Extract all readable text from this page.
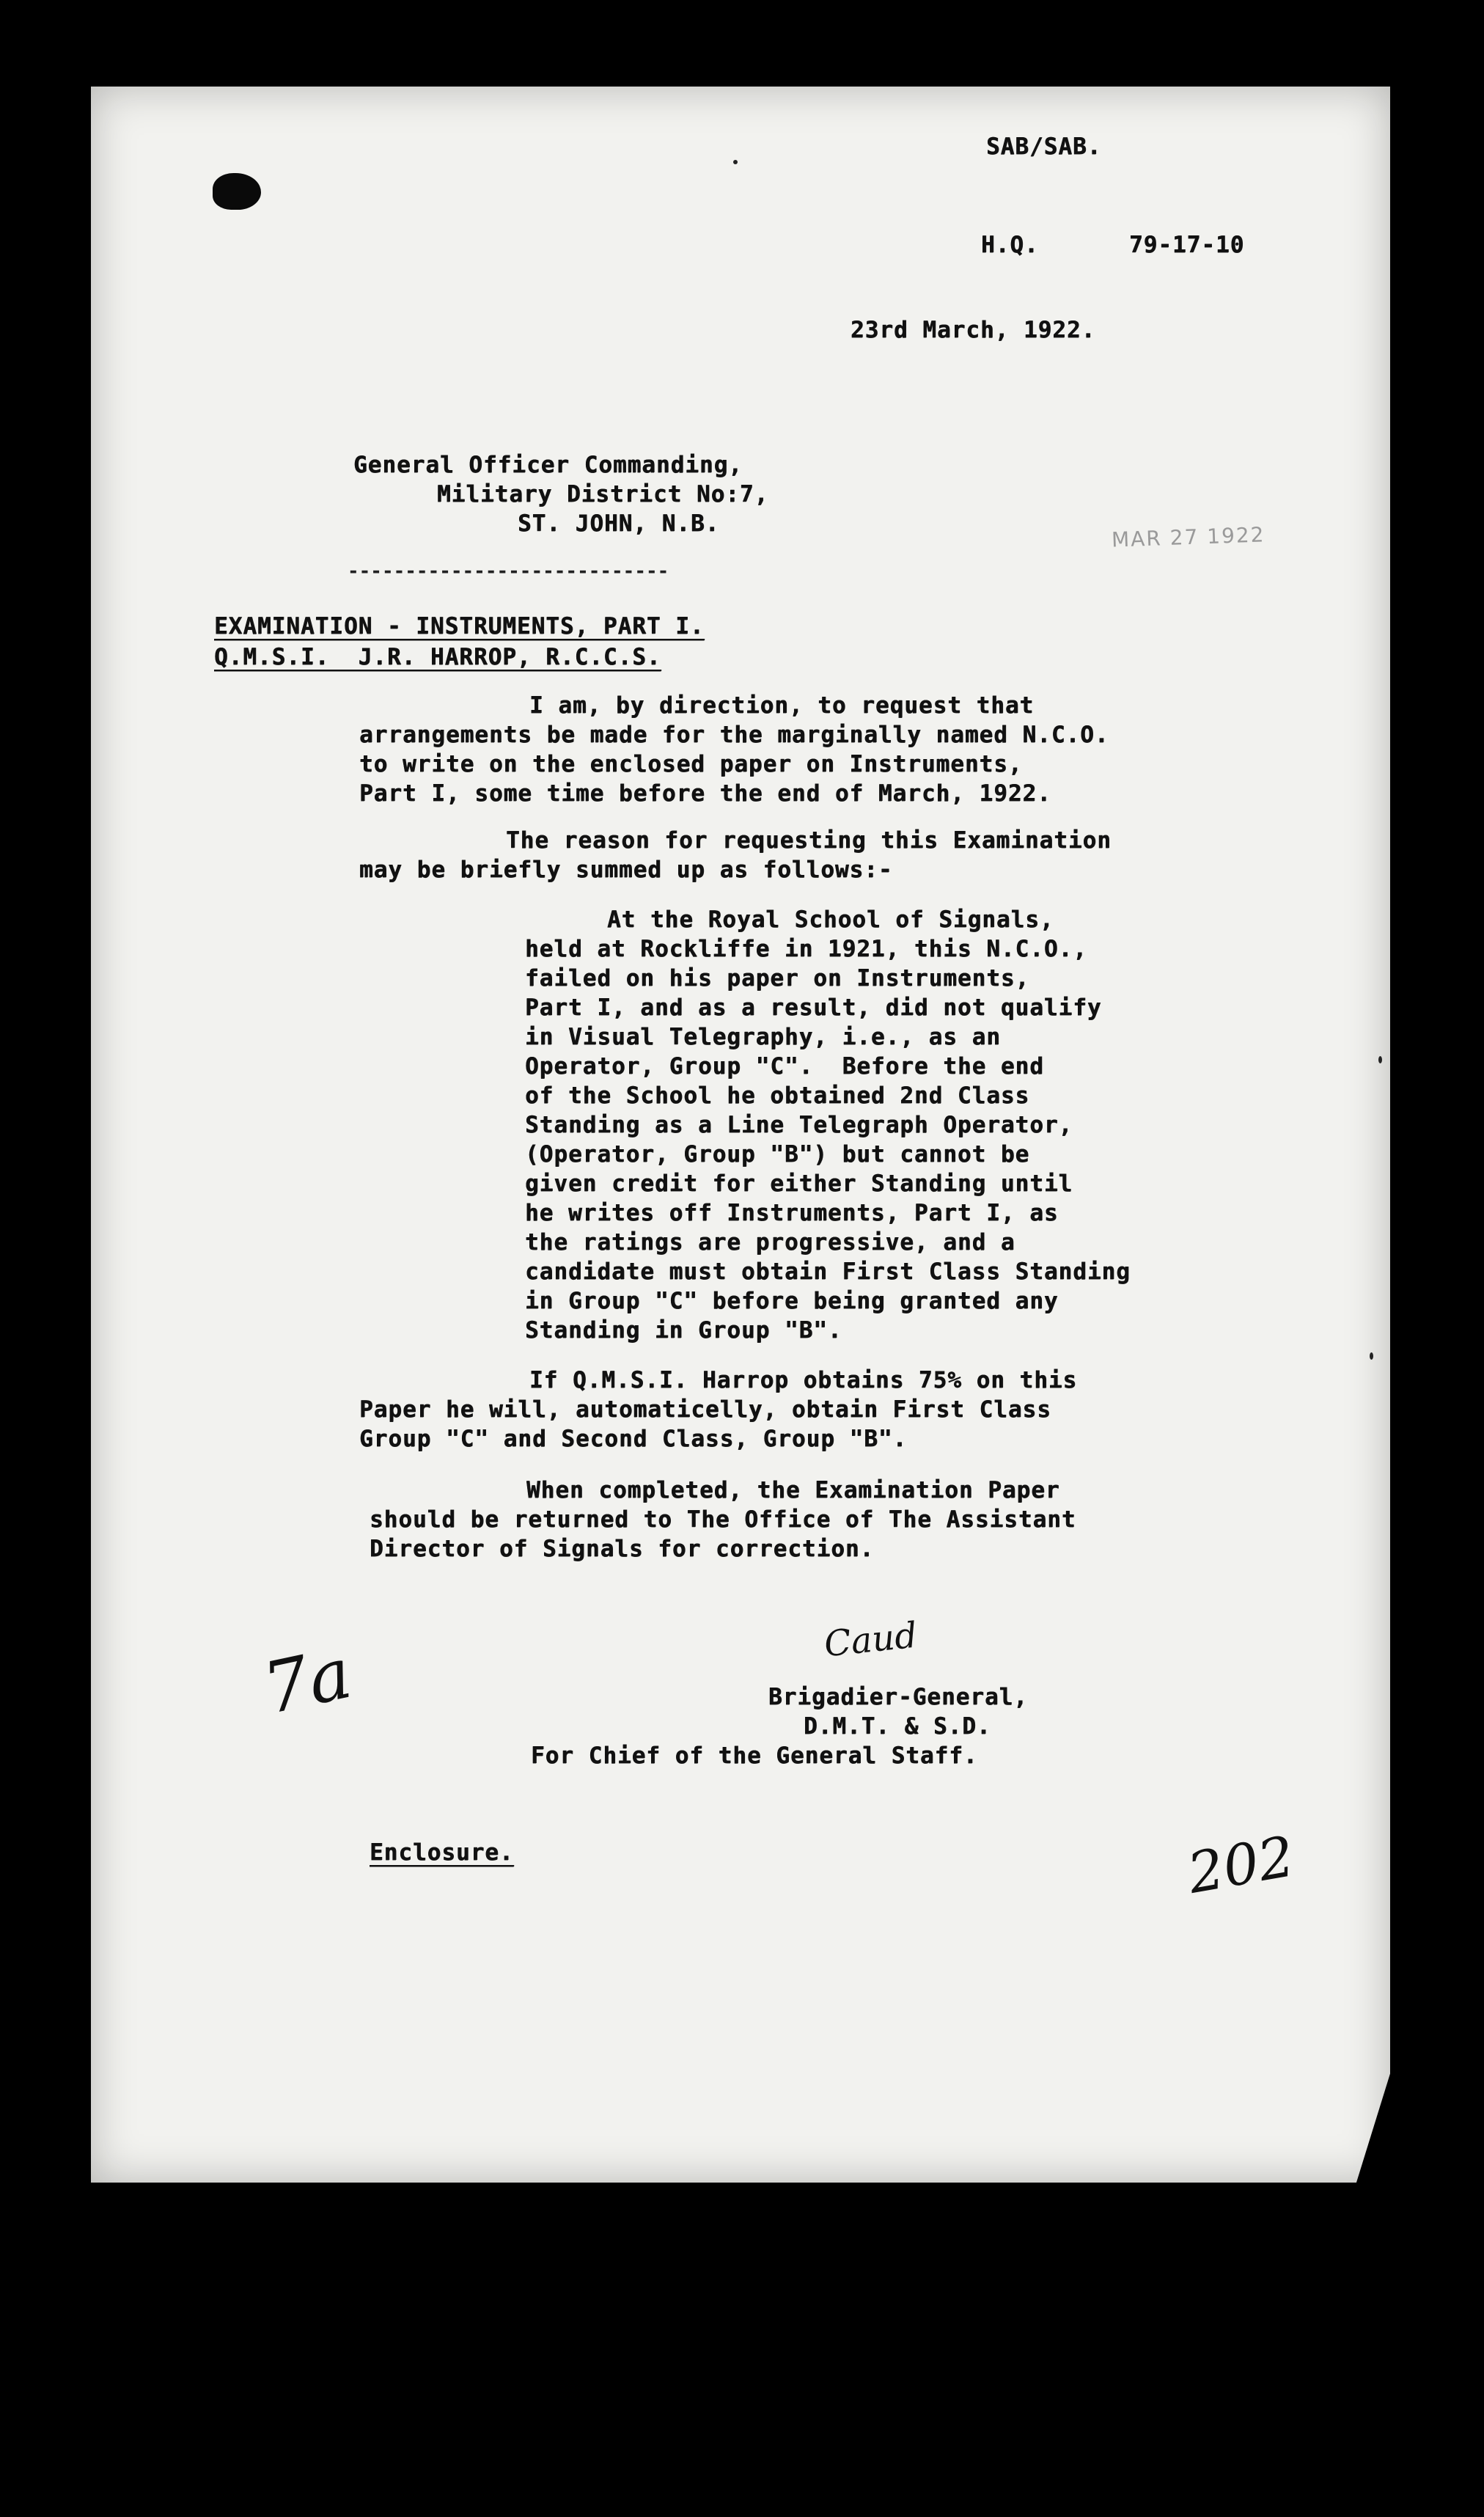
SAB/SAB.

H.Q.	79-17-10

23rd March, 1922.

General Officer Commanding,

Military District No:7,

ST. JOHN, N.B.

----------------------------

MAR 27 1922

EXAMINATION - INSTRUMENTS, PART I.

Q.M.S.I.  J.R. HARROP, R.C.C.S.

I am, by direction, to request that

arrangements be made for the marginally named N.C.O.

to write on the enclosed paper on Instruments,

Part I, some time before the end of March, 1922.

The reason for requesting this Examination

may be briefly summed up as follows:-

At the Royal School of Signals,

held at Rockliffe in 1921, this N.C.O.,

failed on his paper on Instruments,

Part I, and as a result, did not qualify

in Visual Telegraphy, i.e., as an

Operator, Group "C".  Before the end

of the School he obtained 2nd Class

Standing as a Line Telegraph Operator,

(Operator, Group "B") but cannot be

given credit for either Standing until

he writes off Instruments, Part I, as

the ratings are progressive, and a

candidate must obtain First Class Standing

in Group "C" before being granted any

Standing in Group "B".

If Q.M.S.I. Harrop obtains 75% on this

Paper he will, automaticelly, obtain First Class

Group "C" and Second Class, Group "B".

When completed, the Examination Paper

should be returned to The Office of The Assistant

Director of Signals for correction.

7a	Caud

Brigadier-General,

D.M.T. & S.D.

For Chief of the General Staff.

Enclosure.	202
